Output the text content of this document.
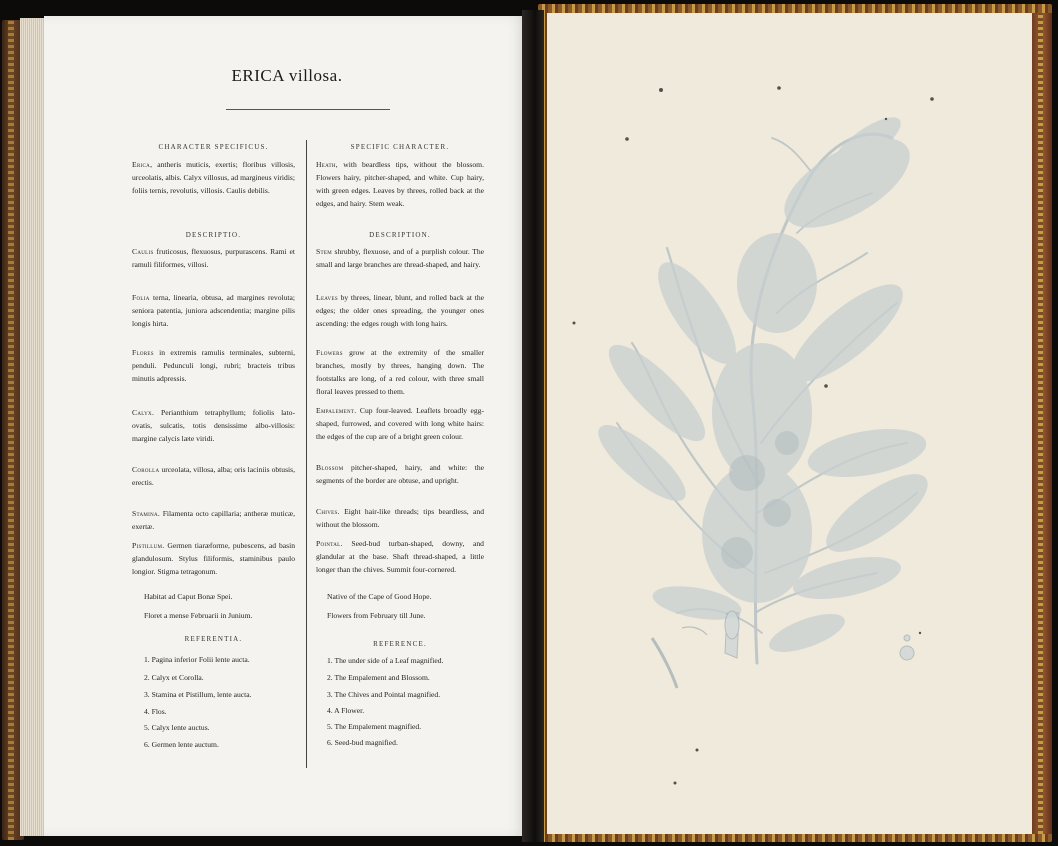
ERICA villosa.
CHARACTER SPECIFICUS.
Erica, antheris muticis, exertis; floribus villosis, urceolatis, albis. Calyx villosus, ad margineus viridis; foliis ternis, revolutis, villosis. Caulis debilis.
DESCRIPTIO.
Caulis fruticosus, flexuosus, purpurascens. Rami et ramuli filiformes, villosi.
Folia terna, linearia, obtusa, ad margines revoluta; seniora patentia, juniora adscendentia; margine pilis longis hirta.
Flores in extremis ramulis terminales, subterni, penduli. Pedunculi longi, rubri; bracteis tribus minutis adpressis.
Calyx. Perianthium tetraphyllum; foliolis lato-ovatis, sulcatis, totis densissime albo-villosis: margine calycis læte viridi.
Corolla urceolata, villosa, alba; oris laciniis obtusis, erectis.
Stamina. Filamenta octo capillaria; antheræ muticæ, exertæ.
Pistillum. Germen tiaræforme, pubescens, ad basin glandulosum. Stylus filiformis, staminibus paulo longior. Stigma tetragonum.
Habitat ad Caput Bonæ Spei.
Floret a mense Februarii in Junium.
REFERENTIA.
1. Pagina inferior Folii lente aucta.
2. Calyx et Corolla.
3. Stamina et Pistillum, lente aucta.
4. Flos.
5. Calyx lente auctus.
6. Germen lente auctum.
SPECIFIC CHARACTER.
Heath, with beardless tips, without the blossom. Flowers hairy, pitcher-shaped, and white. Cup hairy, with green edges. Leaves by threes, rolled back at the edges, and hairy. Stem weak.
DESCRIPTION.
Stem shrubby, flexuose, and of a purplish colour. The small and large branches are thread-shaped, and hairy.
Leaves by threes, linear, blunt, and rolled back at the edges; the older ones spreading, the younger ones ascending: the edges rough with long hairs.
Flowers grow at the extremity of the smaller branches, mostly by threes, hanging down. The footstalks are long, of a red colour, with three small floral leaves pressed to them.
Empalement. Cup four-leaved. Leaflets broadly egg-shaped, furrowed, and covered with long white hairs: the edges of the cup are of a bright green colour.
Blossom pitcher-shaped, hairy, and white: the segments of the border are obtuse, and upright.
Chives. Eight hair-like threads; tips beardless, and without the blossom.
Pointal. Seed-bud turban-shaped, downy, and glandular at the base. Shaft thread-shaped, a little longer than the chives. Summit four-cornered.
Native of the Cape of Good Hope.
Flowers from February till June.
REFERENCE.
1. The under side of a Leaf magnified.
2. The Empalement and Blossom.
3. The Chives and Pointal magnified.
4. A Flower.
5. The Empalement magnified.
6. Seed-bud magnified.
